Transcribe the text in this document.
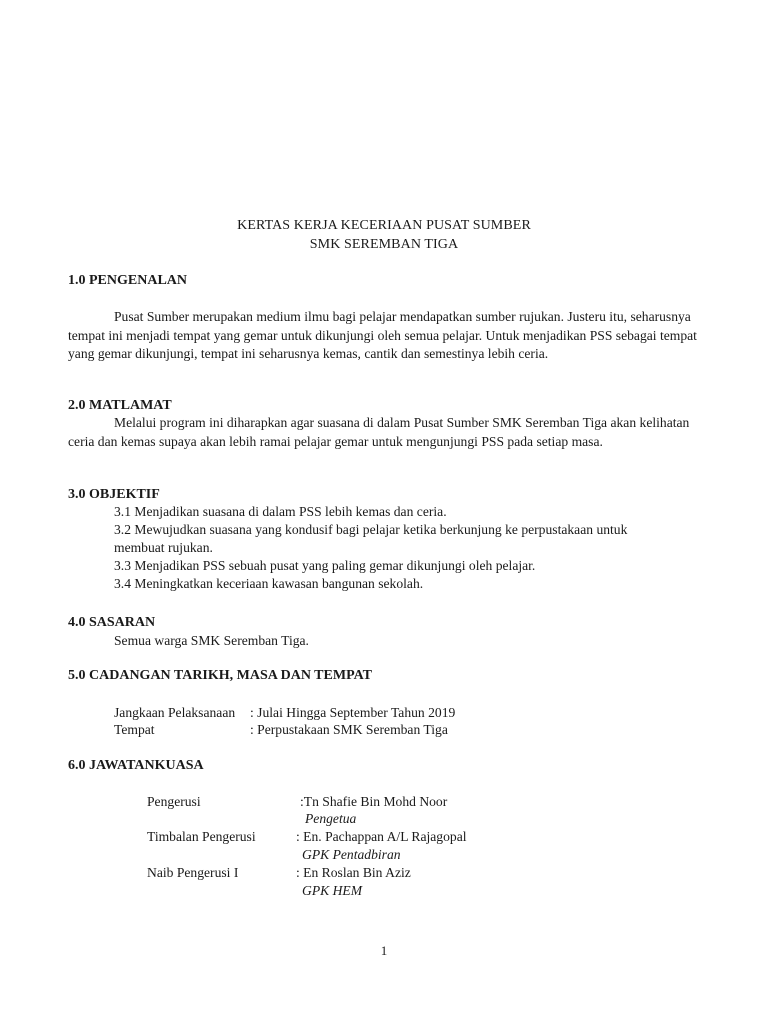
KERTAS KERJA KECERIAAN PUSAT SUMBER
SMK SEREMBAN TIGA
1.0 PENGENALAN
Pusat Sumber merupakan medium ilmu bagi pelajar mendapatkan sumber rujukan. Justeru itu, seharusnya tempat ini menjadi tempat yang gemar untuk dikunjungi oleh semua pelajar. Untuk menjadikan PSS sebagai tempat yang gemar dikunjungi, tempat ini seharusnya kemas, cantik dan semestinya lebih ceria.
2.0 MATLAMAT
Melalui program ini diharapkan agar suasana di dalam Pusat Sumber SMK Seremban Tiga akan kelihatan ceria dan kemas supaya akan lebih ramai pelajar gemar untuk mengunjungi PSS pada setiap masa.
3.0 OBJEKTIF
3.1 Menjadikan suasana di dalam PSS lebih kemas dan ceria.
3.2 Mewujudkan suasana yang kondusif bagi pelajar ketika berkunjung ke perpustakaan untuk
membuat rujukan.
3.3 Menjadikan PSS sebuah pusat yang paling gemar dikunjungi oleh pelajar.
3.4 Meningkatkan keceriaan kawasan bangunan sekolah.
4.0 SASARAN
Semua warga SMK Seremban Tiga.
5.0 CADANGAN TARIKH, MASA DAN TEMPAT
Jangkaan Pelaksanaan : Julai Hingga September Tahun 2019
Tempat	: Perpustakaan SMK Seremban Tiga
6.0 JAWATANKUASA
Pengerusi	:Tn Shafie Bin Mohd Noor
Pengetua
Timbalan Pengerusi	: En. Pachappan A/L Rajagopal
GPK Pentadbiran
Naib Pengerusi I	: En Roslan Bin Aziz
GPK HEM
1
